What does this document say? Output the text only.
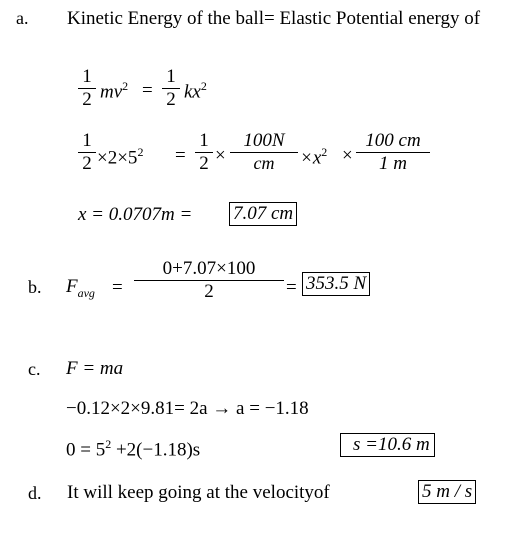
a. Kinetic Energy of the ball= Elastic Potential energy of
1
2 $mv^2$ =
1
2 $kx^2$
1
$2 \times 2\times 5^2$ =
1
2 ×
100N
cm	$\times x^2$ ×
100 cm
1 m
x = 0.0707m = 7.07 cm
b. $F_{avg}$ =
0+7.07×100
2	= 353.5 N
c. F = ma
−0.12×2×9.81= 2a → a = −1.18
$0 = 5^2 +2(-1.18)s$	s =10.6 m
d. It will keep going at the velocityof	5 m / s
